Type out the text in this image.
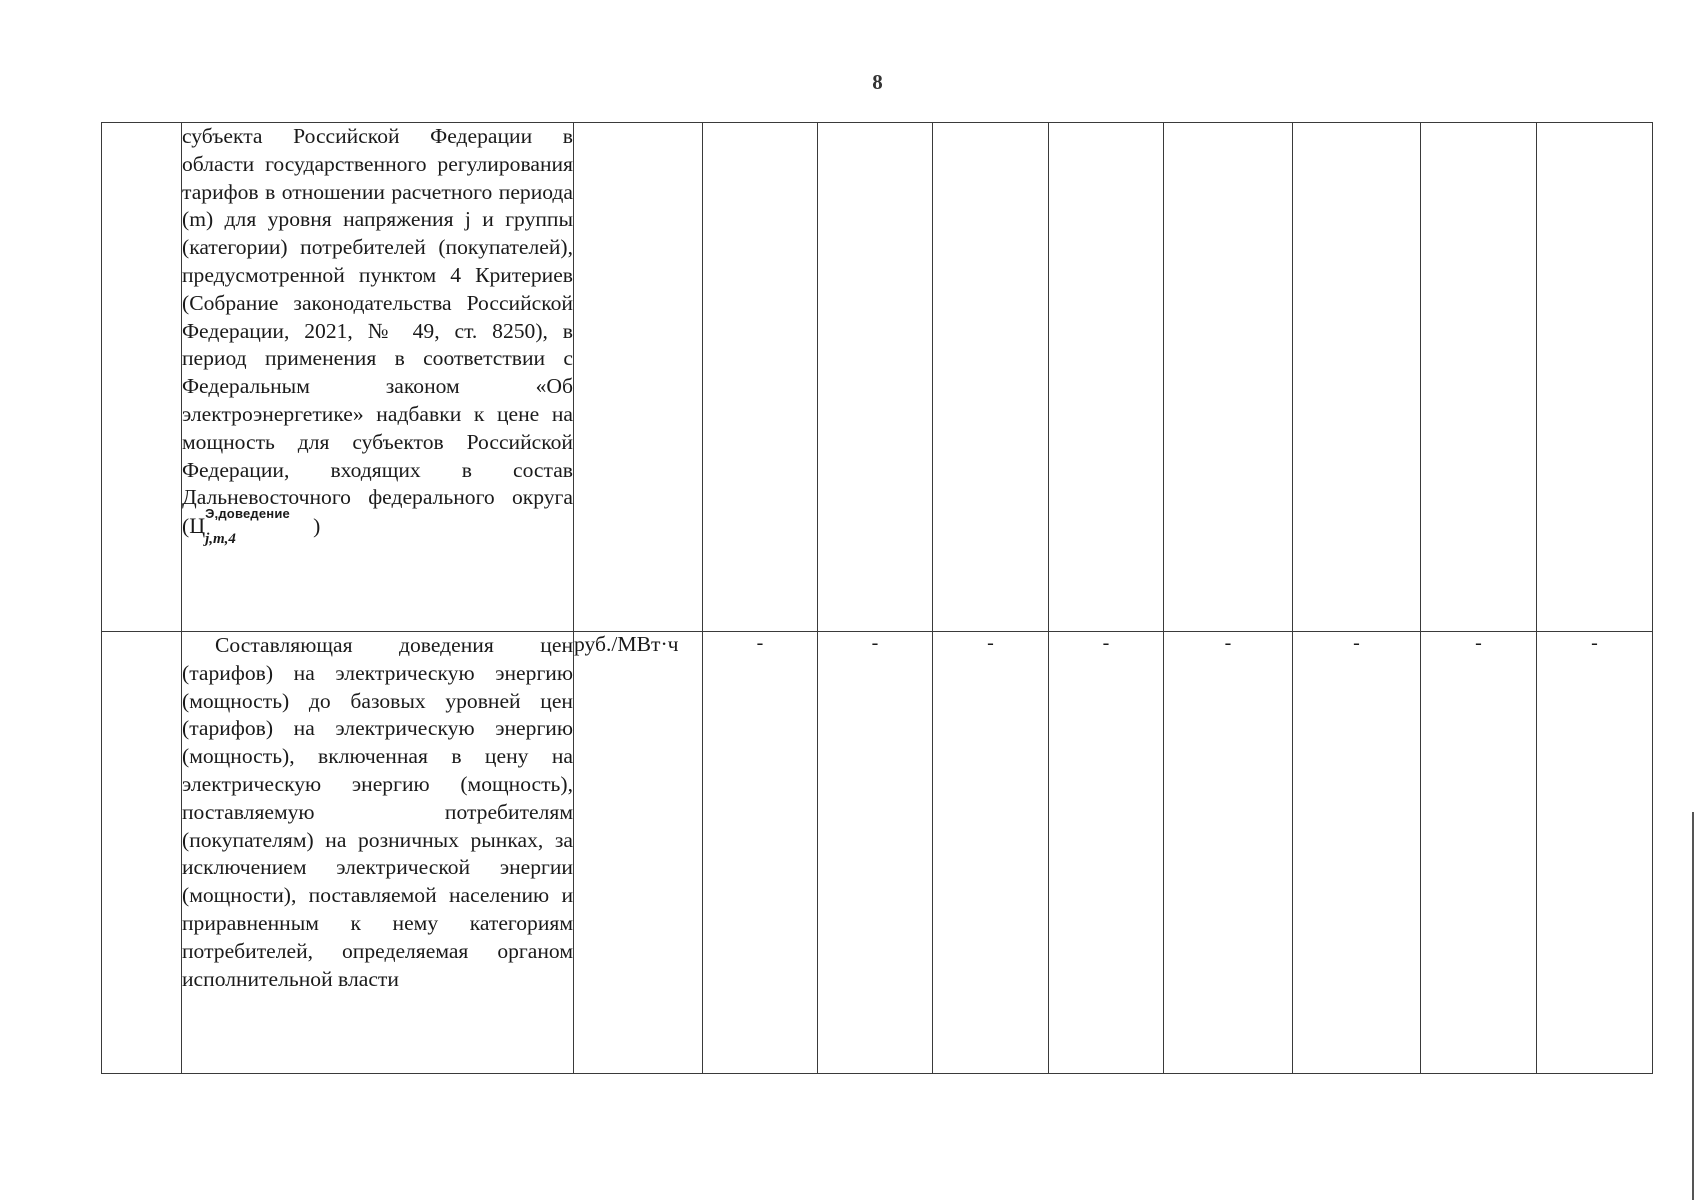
8

	субъекта Российской Федерации в области государственного регулирования тарифов в отношении расчетного периода (m) для уровня напряжения j и группы (категории) потребителей (покупателей), предусмотренной пунктом 4 Критериев (Собрание законодательства Российской Федерации, 2021, № 49, ст. 8250), в период применения в соответствии с Федеральным законом «Об электроэнергетике» надбавки к цене на мощность для субъектов Российской Федерации, входящих в состав Дальневосточного федерального округа (Ц Э,доведение
j,m,4
)									

	Составляющая доведения цен (тарифов) на электрическую энергию (мощность) до базовых уровней цен (тарифов) на электрическую энергию (мощность), включенная в цену на электрическую энергию (мощность), поставляемую потребителям (покупателям) на розничных рынках, за исключением электрической энергии (мощности), поставляемой населению и приравненным к нему категориям потребителей, определяемая органом исполнительной власти	руб./МВт·ч	-	-	-	-	-	-	-	-
